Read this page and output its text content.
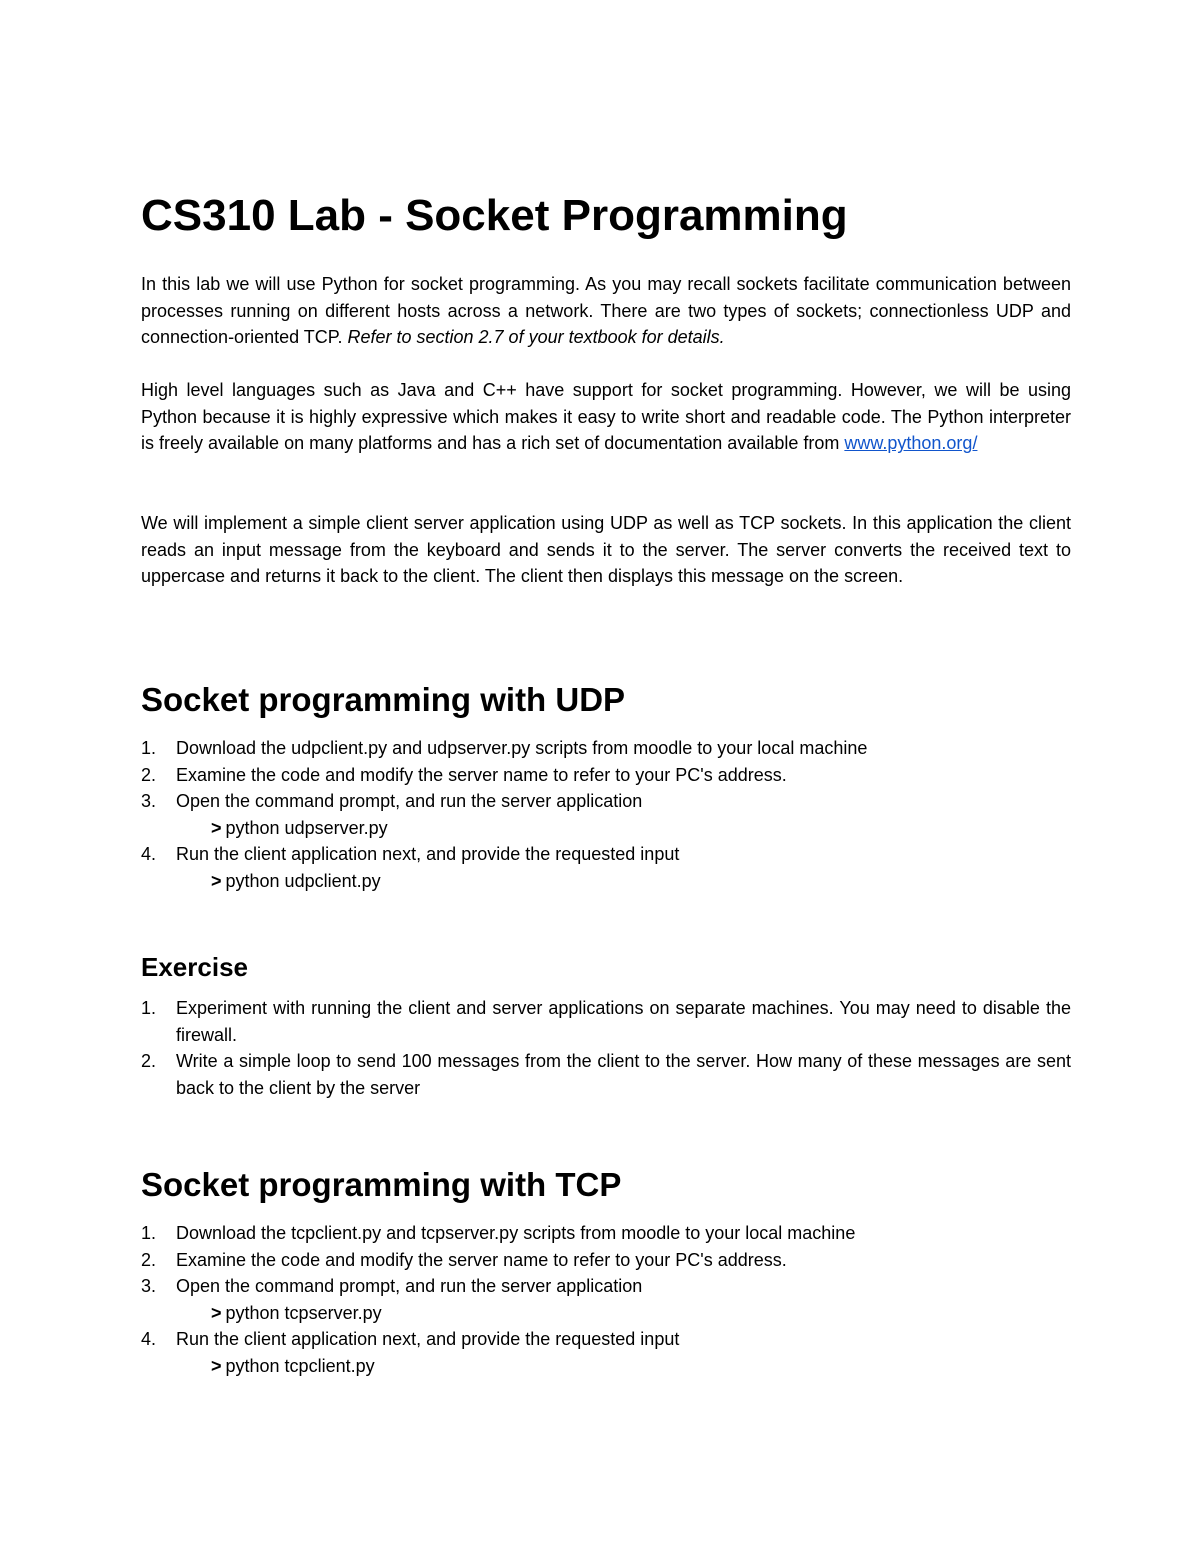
CS310 Lab - Socket Programming

In this lab we will use Python for socket programming. As you may recall sockets facilitate communication between processes running on different hosts across a network. There are two types of sockets; connectionless UDP and connection-oriented TCP. Refer to section 2.7 of your textbook for details.

High level languages such as Java and C++ have support for socket programming. However, we will be using Python because it is highly expressive which makes it easy to write short and readable code. The Python interpreter is freely available on many platforms and has a rich set of documentation available from www.python.org/

We will implement a simple client server application using UDP as well as TCP sockets. In this application the client reads an input message from the keyboard and sends it to the server. The server converts the received text to uppercase and returns it back to the client. The client then displays this message on the screen.

Socket programming with UDP
1. Download the udpclient.py and udpserver.py scripts from moodle to your local machine
2. Examine the code and modify the server name to refer to your PC's address.
3. Open the command prompt, and run the server application
> python udpserver.py
4. Run the client application next, and provide the requested input
> python udpclient.py
Exercise
1. Experiment with running the client and server applications on separate machines. You may need to disable the firewall.
2. Write a simple loop to send 100 messages from the client to the server. How many of these messages are sent back to the client by the server
Socket programming with TCP
1. Download the tcpclient.py and tcpserver.py scripts from moodle to your local machine
2. Examine the code and modify the server name to refer to your PC's address.
3. Open the command prompt, and run the server application
> python tcpserver.py
4. Run the client application next, and provide the requested input
> python tcpclient.py
